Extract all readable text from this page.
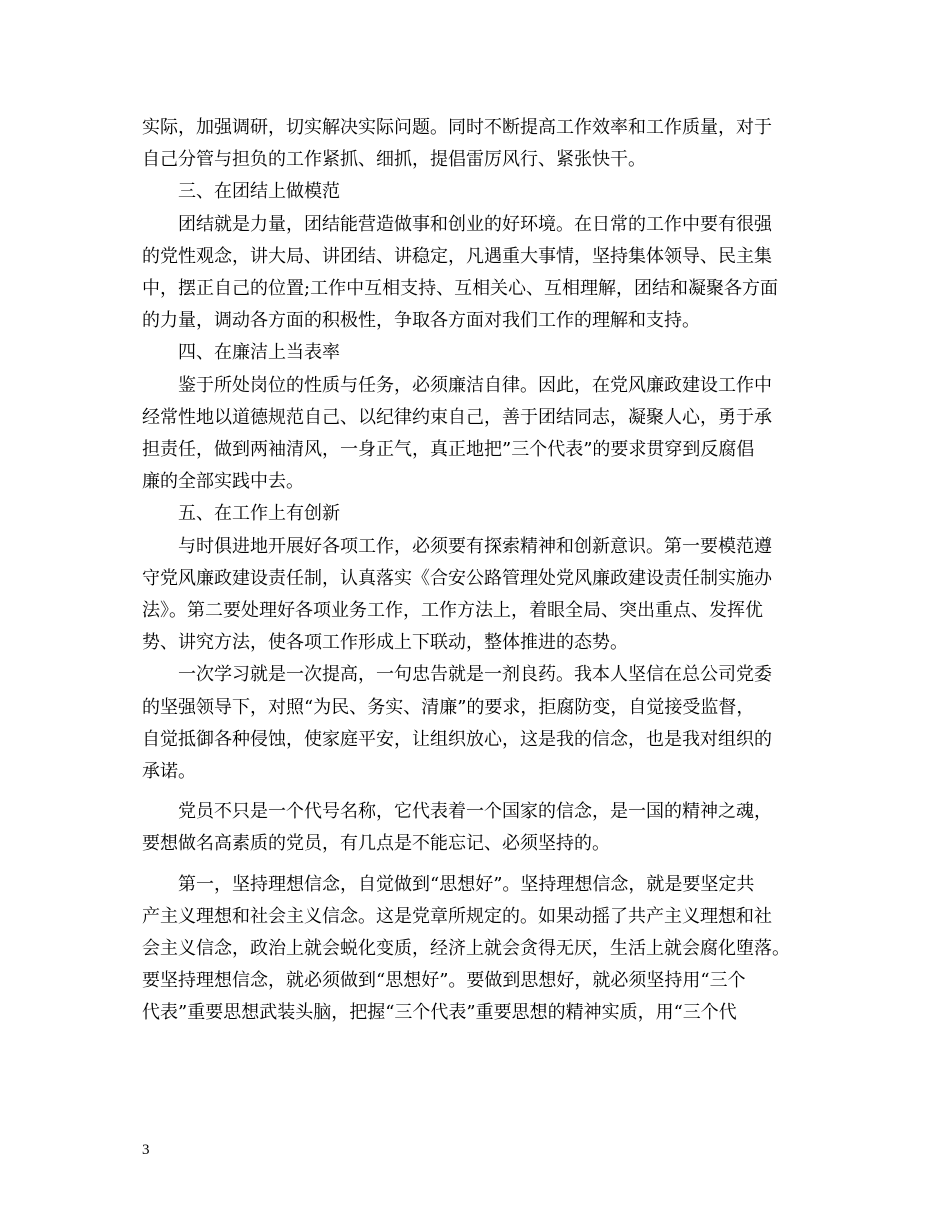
实际，加强调研，切实解决实际问题。同时不断提高工作效率和工作质量，对于
自己分管与担负的工作紧抓、细抓，提倡雷厉风行、紧张快干。
三、在团结上做模范
团结就是力量，团结能营造做事和创业的好环境。在日常的工作中要有很强
的党性观念，讲大局、讲团结、讲稳定，凡遇重大事情，坚持集体领导、民主集
中，摆正自己的位置;工作中互相支持、互相关心、互相理解，团结和凝聚各方面
的力量，调动各方面的积极性，争取各方面对我们工作的理解和支持。
四、在廉洁上当表率
鉴于所处岗位的性质与任务，必须廉洁自律。因此，在党风廉政建设工作中
经常性地以道德规范自己、以纪律约束自己，善于团结同志，凝聚人心，勇于承
担责任，做到两袖清风，一身正气，真正地把”三个代表”的要求贯穿到反腐倡
廉的全部实践中去。
五、在工作上有创新
与时俱进地开展好各项工作，必须要有探索精神和创新意识。第一要模范遵
守党风廉政建设责任制，认真落实《合安公路管理处党风廉政建设责任制实施办
法》。第二要处理好各项业务工作，工作方法上，着眼全局、突出重点、发挥优
势、讲究方法，使各项工作形成上下联动，整体推进的态势。
一次学习就是一次提高，一句忠告就是一剂良药。我本人坚信在总公司党委
的坚强领导下，对照“为民、务实、清廉”的要求，拒腐防变，自觉接受监督，
自觉抵御各种侵蚀，使家庭平安，让组织放心，这是我的信念，也是我对组织的
承诺。
党员不只是一个代号名称，它代表着一个国家的信念，是一国的精神之魂，
要想做名高素质的党员，有几点是不能忘记、必须坚持的。
第一，坚持理想信念，自觉做到“思想好”。坚持理想信念，就是要坚定共
产主义理想和社会主义信念。这是党章所规定的。如果动摇了共产主义理想和社
会主义信念，政治上就会蜕化变质，经济上就会贪得无厌，生活上就会腐化堕落。
要坚持理想信念，就必须做到“思想好”。要做到思想好，就必须坚持用“三个
代表”重要思想武装头脑，把握“三个代表”重要思想的精神实质，用“三个代
3
